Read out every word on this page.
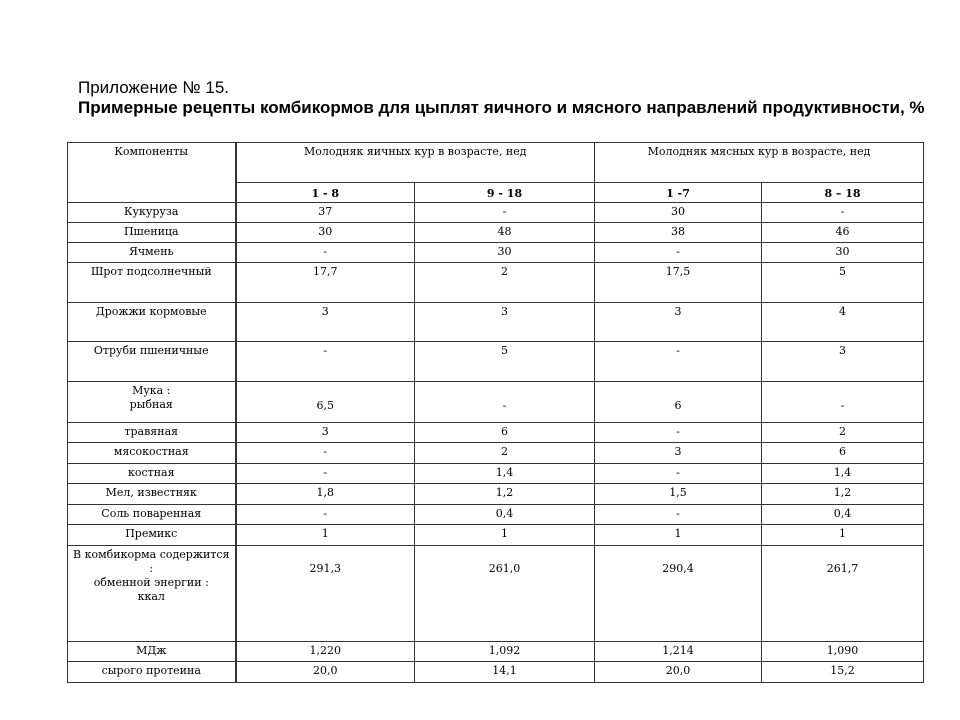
Приложение № 15.
Примерные рецепты комбикормов для цыплят яичного и мясного направлений продуктивности, %
Компоненты	Молодняк яичных кур в возрасте, нед		Молодняк мясных кур в возрасте, нед	
	1 - 8	9 - 18	1 -7	8 – 18
Кукуруза	37	-	30	-
Пшеница	30	48	38	46
Ячмень	-	30	-	30
Шрот подсолнечный	17,7	2	17,5	5
Дрожжи кормовые	3	3	3	4
Отруби пшеничные	-	5	-	3

Мука :
рыбная	6,5	-	6	-
травяная	3	6	-	2
мясокостная	-	2	3	6
костная	-	1,4	-	1,4
Мел, известняк	1,8	1,2	1,5	1,2
Соль поваренная	-	0,4	-	0,4
Премикс	1	1	1	1

В комбикорма содержится :
обменной энергии :
ккал	291,3	261,0	290,4	261,7
МДж	1,220	1,092	1,214	1,090
сырого протеина	20,0	14,1	20,0	15,2
